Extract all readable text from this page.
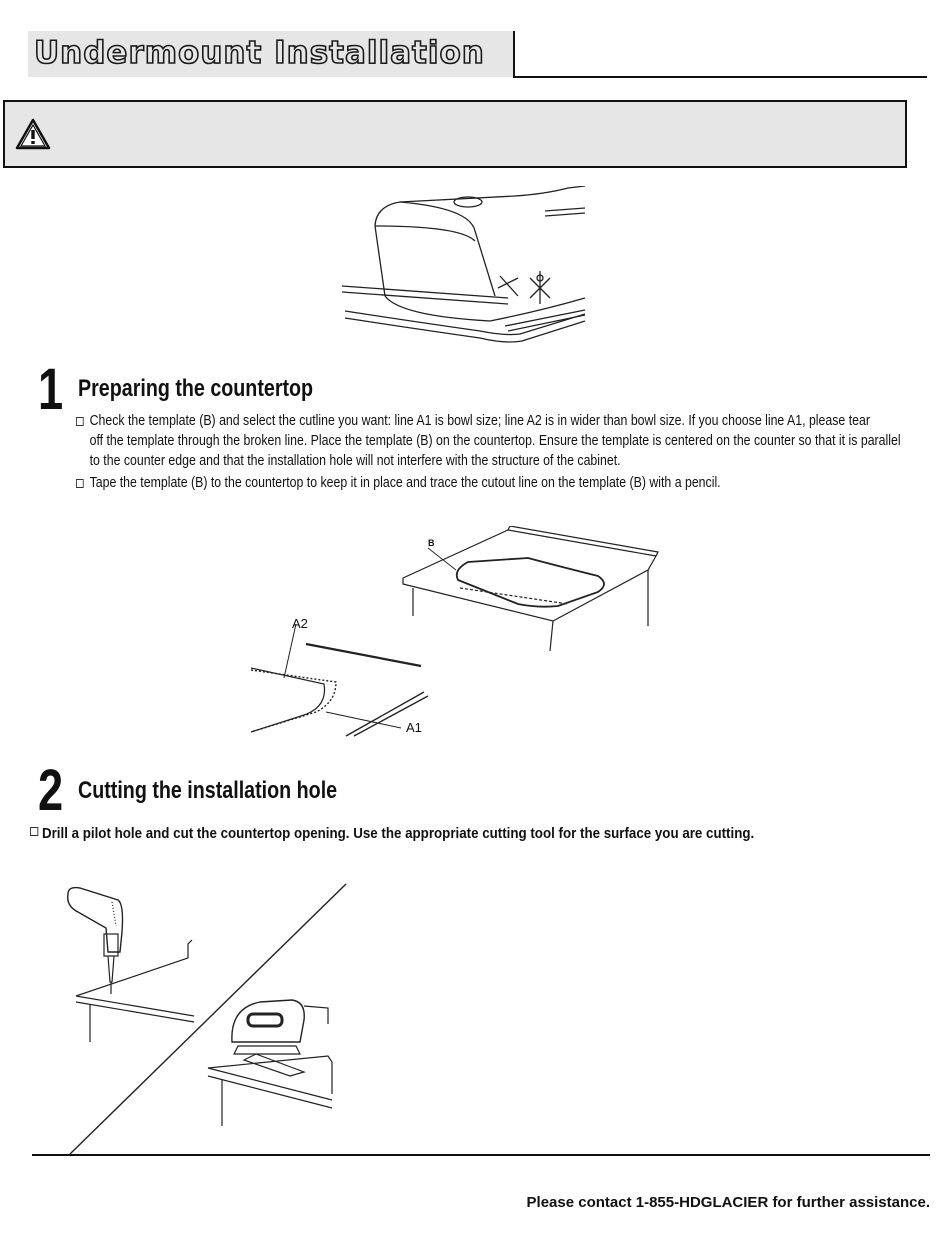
Undermount Installation
1 Preparing the countertop
Check the template (B) and select the cutline you want: line A1 is bowl size; line A2 is in wider than bowl size. If you choose line A1, please tear
off the template through the broken line. Place the template (B) on the countertop. Ensure the template is centered on the counter so that it is parallel
to the counter edge and that the installation hole will not interfere with the structure of the cabinet.
Tape the template (B) to the countertop to keep it in place and trace the cutout line on the template (B) with a pencil.
B
A2
A1
2 Cutting the installation hole
Drill a pilot hole and cut the countertop opening. Use the appropriate cutting tool for the surface you are cutting.
Please contact 1-855-HDGLACIER for further assistance.
